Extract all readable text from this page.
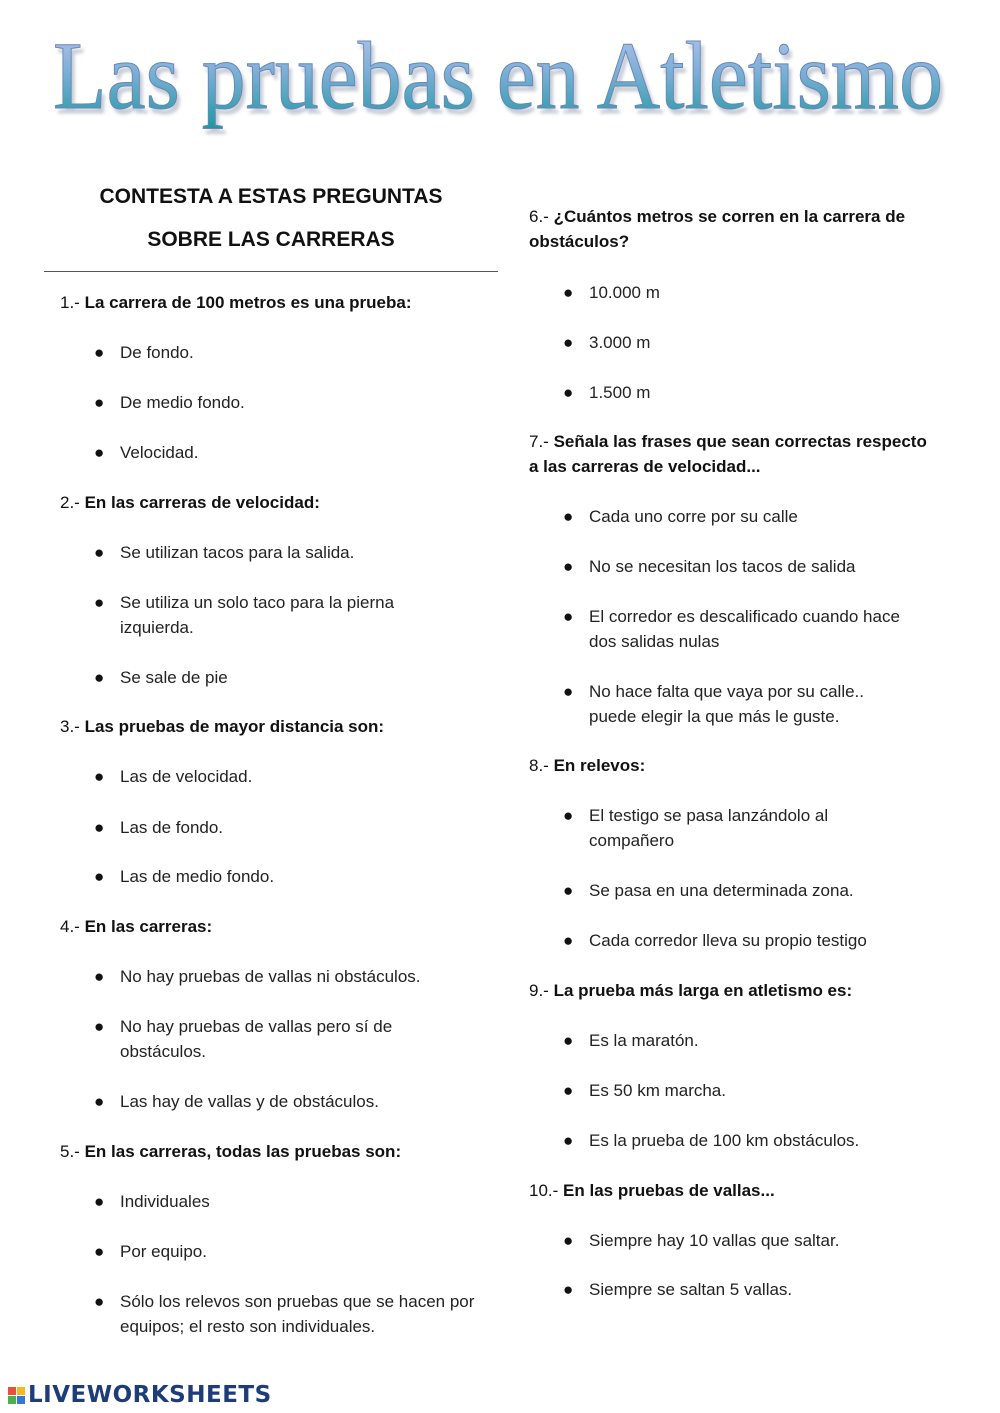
Las pruebas en Atletismo
CONTESTA A ESTAS PREGUNTAS
SOBRE LAS CARRERAS
1.- La carrera de 100 metros es una prueba:
● De fondo.
● De medio fondo.
● Velocidad.
2.- En las carreras de velocidad:
● Se utilizan tacos para la salida.
● Se utiliza un solo taco para la pierna izquierda.
● Se sale de pie
3.- Las pruebas de mayor distancia son:
● Las de velocidad.
● Las de fondo.
● Las de medio fondo.
4.- En las carreras:
● No hay pruebas de vallas ni obstáculos.
● No hay pruebas de vallas pero sí de obstáculos.
● Las hay de vallas y de obstáculos.
5.- En las carreras, todas las pruebas son:
● Individuales
● Por equipo.
● Sólo los relevos son pruebas que se hacen por equipos; el resto son individuales.
6.- ¿Cuántos metros se corren en la carrera de obstáculos?
● 10.000 m
● 3.000 m
● 1.500 m
7.- Señala las frases que sean correctas respecto a las carreras de velocidad...
● Cada uno corre por su calle
● No se necesitan los tacos de salida
● El corredor es descalificado cuando hace dos salidas nulas
● No hace falta que vaya por su calle.. puede elegir la que más le guste.
8.- En relevos:
● El testigo se pasa lanzándolo al compañero
● Se pasa en una determinada zona.
● Cada corredor lleva su propio testigo
9.- La prueba más larga en atletismo es:
● Es la maratón.
● Es 50 km marcha.
● Es la prueba de 100 km obstáculos.
10.- En las pruebas de vallas...
● Siempre hay 10 vallas que saltar.
● Siempre se saltan 5 vallas.
LIVEWORKSHEETS
